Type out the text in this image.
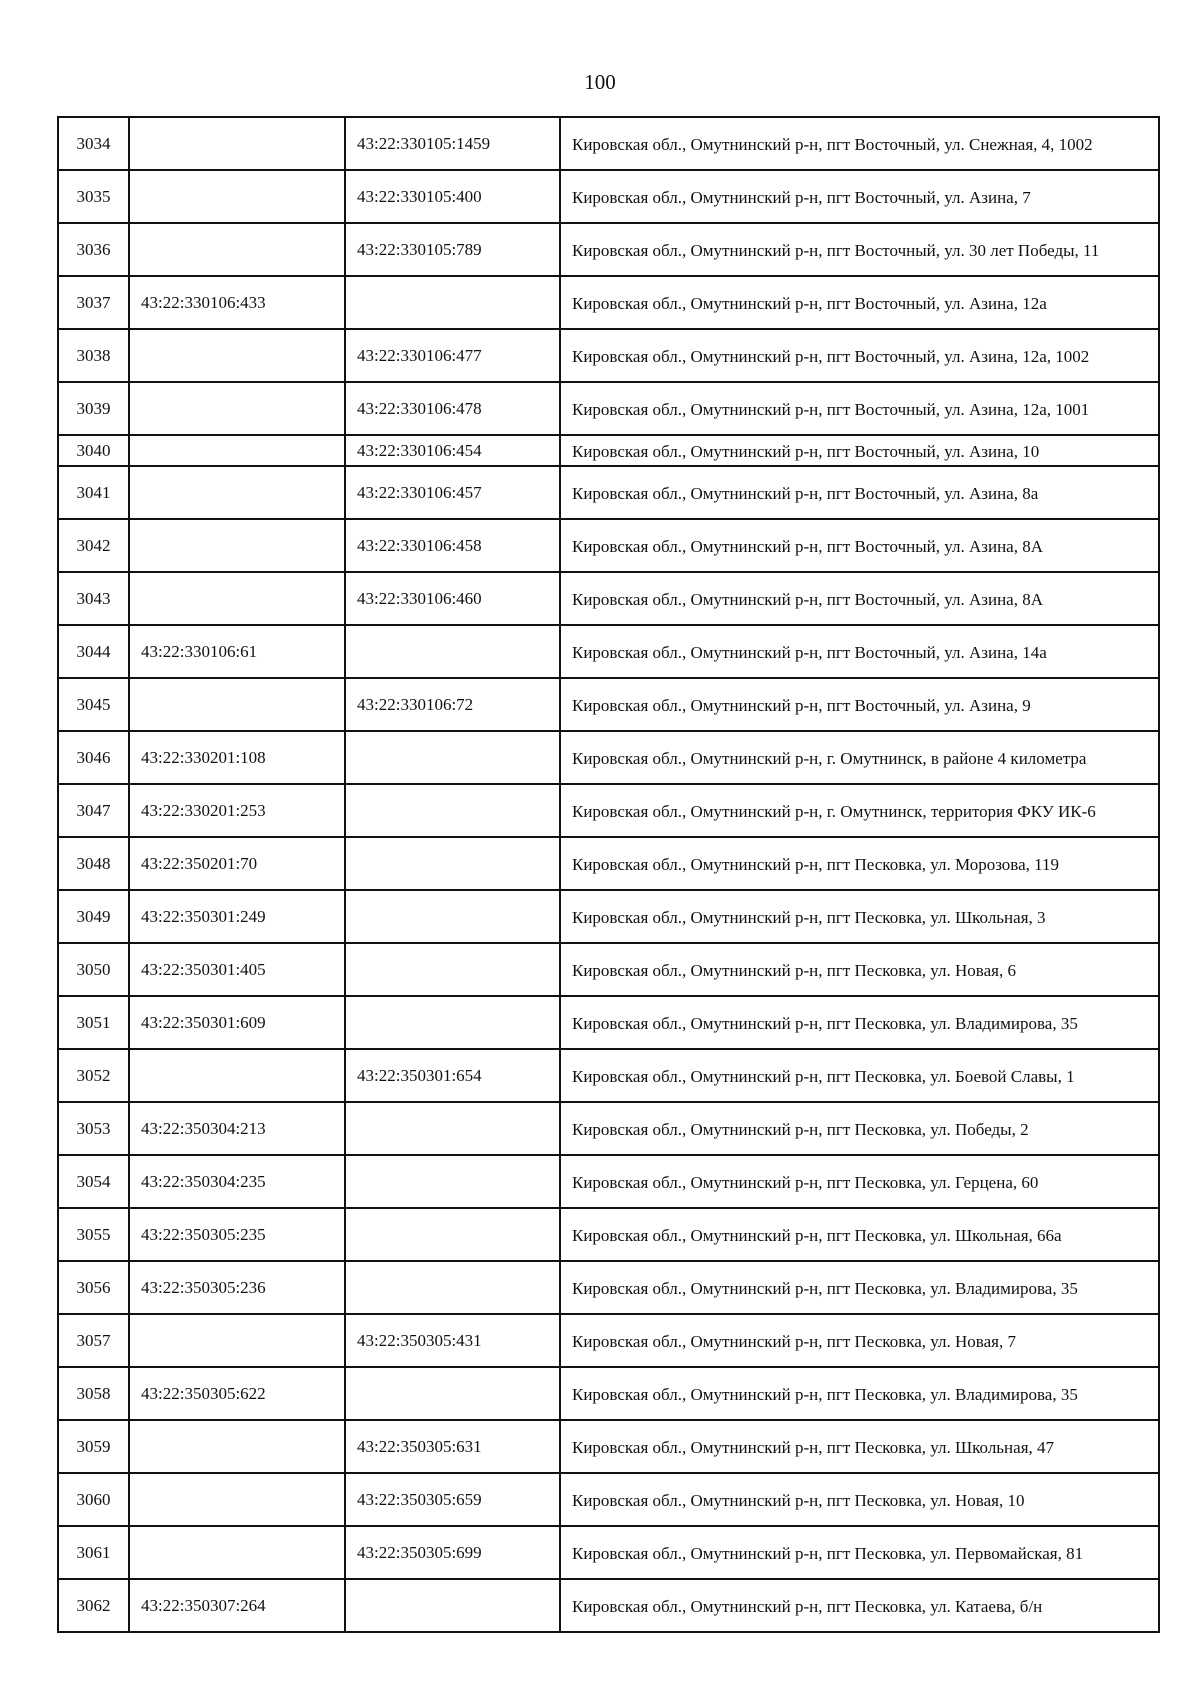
100
3034		43:22:330105:1459	Кировская обл., Омутнинский р-н, пгт Восточный, ул. Снежная, 4, 1002
3035		43:22:330105:400	Кировская обл., Омутнинский р-н, пгт Восточный, ул. Азина, 7
3036		43:22:330105:789	Кировская обл., Омутнинский р-н, пгт Восточный, ул. 30 лет Победы, 11
3037	43:22:330106:433		Кировская обл., Омутнинский р-н, пгт Восточный, ул. Азина, 12а
3038		43:22:330106:477	Кировская обл., Омутнинский р-н, пгт Восточный, ул. Азина, 12а, 1002
3039		43:22:330106:478	Кировская обл., Омутнинский р-н, пгт Восточный, ул. Азина, 12а, 1001
3040		43:22:330106:454	Кировская обл., Омутнинский р-н, пгт Восточный, ул. Азина, 10
3041		43:22:330106:457	Кировская обл., Омутнинский р-н, пгт Восточный, ул. Азина, 8а
3042		43:22:330106:458	Кировская обл., Омутнинский р-н, пгт Восточный, ул. Азина, 8А
3043		43:22:330106:460	Кировская обл., Омутнинский р-н, пгт Восточный, ул. Азина, 8А
3044	43:22:330106:61		Кировская обл., Омутнинский р-н, пгт Восточный, ул. Азина, 14а
3045		43:22:330106:72	Кировская обл., Омутнинский р-н, пгт Восточный, ул. Азина, 9
3046	43:22:330201:108		Кировская обл., Омутнинский р-н, г. Омутнинск, в районе 4 километра
3047	43:22:330201:253		Кировская обл., Омутнинский р-н, г. Омутнинск, территория ФКУ ИК-6
3048	43:22:350201:70		Кировская обл., Омутнинский р-н, пгт Песковка, ул. Морозова, 119
3049	43:22:350301:249		Кировская обл., Омутнинский р-н, пгт Песковка, ул. Школьная, 3
3050	43:22:350301:405		Кировская обл., Омутнинский р-н, пгт Песковка, ул. Новая, 6
3051	43:22:350301:609		Кировская обл., Омутнинский р-н, пгт Песковка, ул. Владимирова, 35
3052		43:22:350301:654	Кировская обл., Омутнинский р-н, пгт Песковка, ул. Боевой Славы, 1
3053	43:22:350304:213		Кировская обл., Омутнинский р-н, пгт Песковка, ул. Победы, 2
3054	43:22:350304:235		Кировская обл., Омутнинский р-н, пгт Песковка, ул. Герцена, 60
3055	43:22:350305:235		Кировская обл., Омутнинский р-н, пгт Песковка, ул. Школьная, 66а
3056	43:22:350305:236		Кировская обл., Омутнинский р-н, пгт Песковка, ул. Владимирова, 35
3057		43:22:350305:431	Кировская обл., Омутнинский р-н, пгт Песковка, ул. Новая, 7
3058	43:22:350305:622		Кировская обл., Омутнинский р-н, пгт Песковка, ул. Владимирова, 35
3059		43:22:350305:631	Кировская обл., Омутнинский р-н, пгт Песковка, ул. Школьная, 47
3060		43:22:350305:659	Кировская обл., Омутнинский р-н, пгт Песковка, ул. Новая, 10
3061		43:22:350305:699	Кировская обл., Омутнинский р-н, пгт Песковка, ул. Первомайская, 81
3062	43:22:350307:264		Кировская обл., Омутнинский р-н, пгт Песковка, ул. Катаева, б/н
